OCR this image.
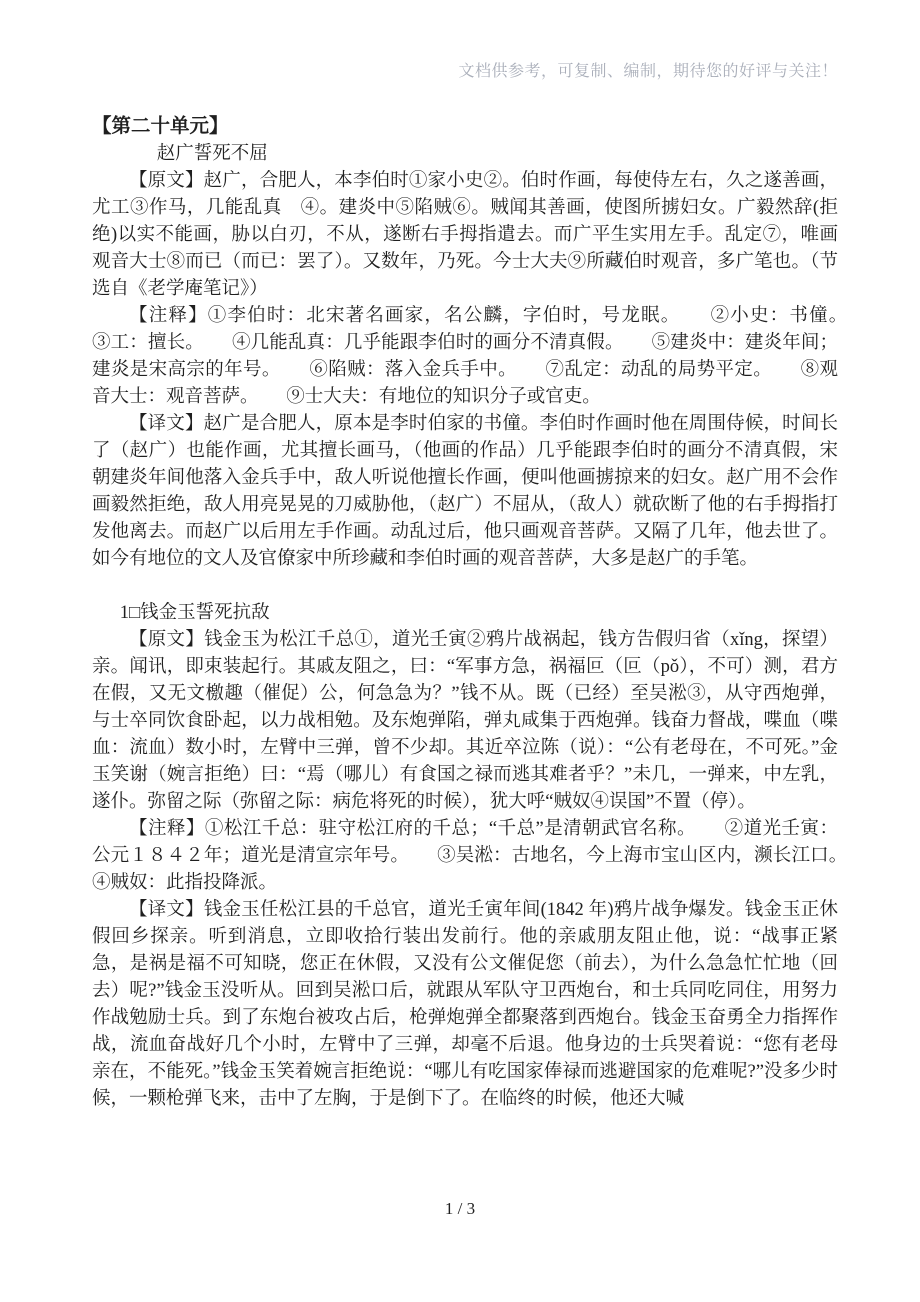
文档供参考，可复制、编制，期待您的好评与关注！

【第二十单元】

赵广誓死不屈

【原文】赵广，合肥人，本李伯时①家小史②。伯时作画，每使侍左右，久之遂善画，尤工③作马，几能乱真　④。建炎中⑤陷贼⑥。贼闻其善画，使图所掳妇女。广毅然辞(拒绝)以实不能画，胁以白刃，不从，遂断右手拇指遣去。而广平生实用左手。乱定⑦，唯画观音大士⑧而已（而已：罢了）。又数年，乃死。今士大夫⑨所藏伯时观音，多广笔也。（节选自《老学庵笔记》）

【注释】①李伯时：北宋著名画家，名公麟，字伯时，号龙眠。　　②小史：书僮。　　③工：擅长。　　④几能乱真：几乎能跟李伯时的画分不清真假。　　⑤建炎中：建炎年间；建炎是宋高宗的年号。　　⑥陷贼：落入金兵手中。　　⑦乱定：动乱的局势平定。　　⑧观音大士：观音菩萨。　　⑨士大夫：有地位的知识分子或官吏。

【译文】赵广是合肥人，原本是李时伯家的书僮。李伯时作画时他在周围侍候，时间长了（赵广）也能作画，尤其擅长画马，（他画的作品）几乎能跟李伯时的画分不清真假，宋朝建炎年间他落入金兵手中，敌人听说他擅长作画，便叫他画掳掠来的妇女。赵广用不会作画毅然拒绝，敌人用亮晃晃的刀威胁他，（赵广）不屈从，（敌人）就砍断了他的右手拇指打发他离去。而赵广以后用左手作画。动乱过后，他只画观音菩萨。又隔了几年，他去世了。如今有地位的文人及官僚家中所珍藏和李伯时画的观音菩萨，大多是赵广的手笔。

1□钱金玉誓死抗敌

【原文】钱金玉为松江千总①，道光壬寅②鸦片战祸起，钱方告假归省（xǐng，探望）亲。闻讯，即束装起行。其戚友阻之，曰：“军事方急，祸福叵（叵（pǒ），不可）测，君方在假，又无文檄趣（催促）公，何急急为？”钱不从。既（已经）至吴淞③，从守西炮弹，与士卒同饮食卧起，以力战相勉。及东炮弹陷，弹丸咸集于西炮弹。钱奋力督战，喋血（喋血：流血）数小时，左臂中三弹，曾不少却。其近卒泣陈（说）：“公有老母在，不可死。”金玉笑谢（婉言拒绝）曰：“焉（哪儿）有食国之禄而逃其难者乎？”未几，一弹来，中左乳，遂仆。弥留之际（弥留之际：病危将死的时候），犹大呼“贼奴④误国”不置（停）。

【注释】①松江千总：驻守松江府的千总；“千总”是清朝武官名称。　　②道光壬寅：公元１８４２年；道光是清宣宗年号。　　③吴淞：古地名，今上海市宝山区内，濒长江口。　　④贼奴：此指投降派。

【译文】钱金玉任松江县的千总官，道光壬寅年间(1842 年)鸦片战争爆发。钱金玉正休假回乡探亲。听到消息，立即收拾行装出发前行。他的亲戚朋友阻止他，说：“战事正紧急，是祸是福不可知晓，您正在休假，又没有公文催促您（前去），为什么急急忙忙地（回去）呢?”钱金玉没听从。回到吴淞口后，就跟从军队守卫西炮台，和士兵同吃同住，用努力作战勉励士兵。到了东炮台被攻占后，枪弹炮弹全都聚落到西炮台。钱金玉奋勇全力指挥作战，流血奋战好几个小时，左臂中了三弹，却毫不后退。他身边的士兵哭着说：“您有老母亲在，不能死。”钱金玉笑着婉言拒绝说：“哪儿有吃国家俸禄而逃避国家的危难呢?”没多少时候，一颗枪弹飞来，击中了左胸，于是倒下了。在临终的时候，他还大喊

1 / 3
